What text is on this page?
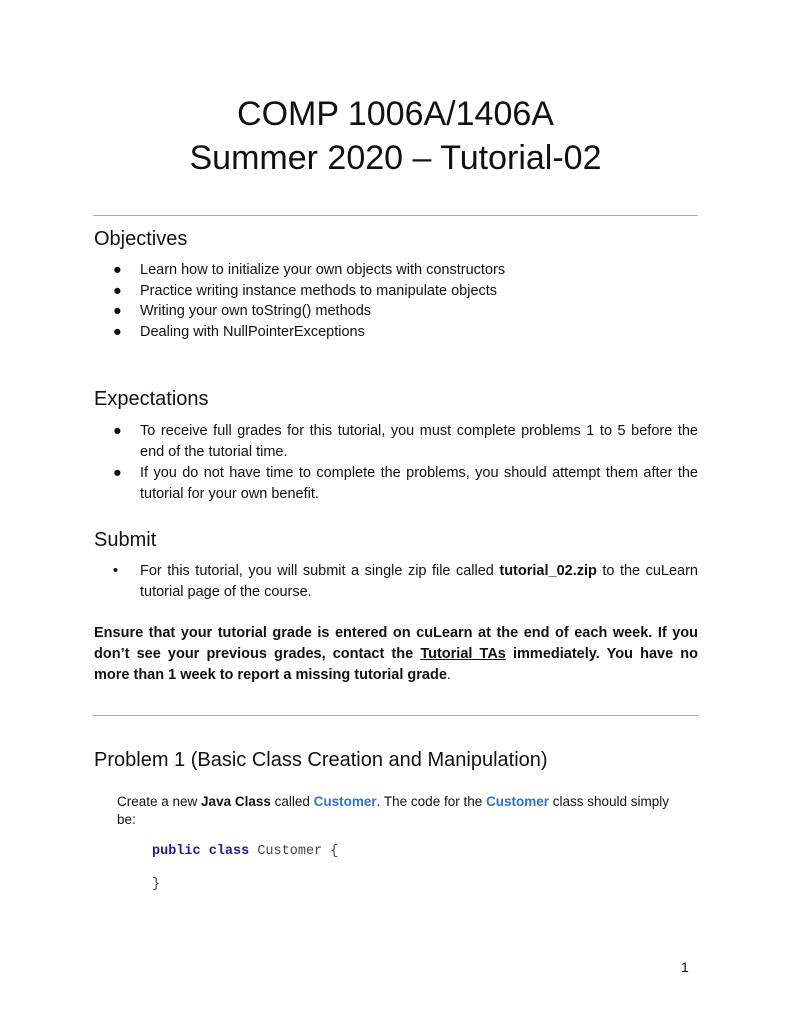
COMP 1006A/1406A
Summer 2020 – Tutorial-02
Objectives
● Learn how to initialize your own objects with constructors
● Practice writing instance methods to manipulate objects
● Writing your own toString() methods
● Dealing with NullPointerExceptions
Expectations
● To receive full grades for this tutorial, you must complete problems 1 to 5 before the end of the tutorial time.
● If you do not have time to complete the problems, you should attempt them after the tutorial for your own benefit.
Submit
• For this tutorial, you will submit a single zip file called tutorial_02.zip to the cuLearn tutorial page of the course.
Ensure that your tutorial grade is entered on cuLearn at the end of each week. If you don’t see your previous grades, contact the Tutorial TAs immediately. You have no more than 1 week to report a missing tutorial grade.
Problem 1 (Basic Class Creation and Manipulation)
Create a new Java Class called Customer. The code for the Customer class should simply be:
public class Customer {
}
1
